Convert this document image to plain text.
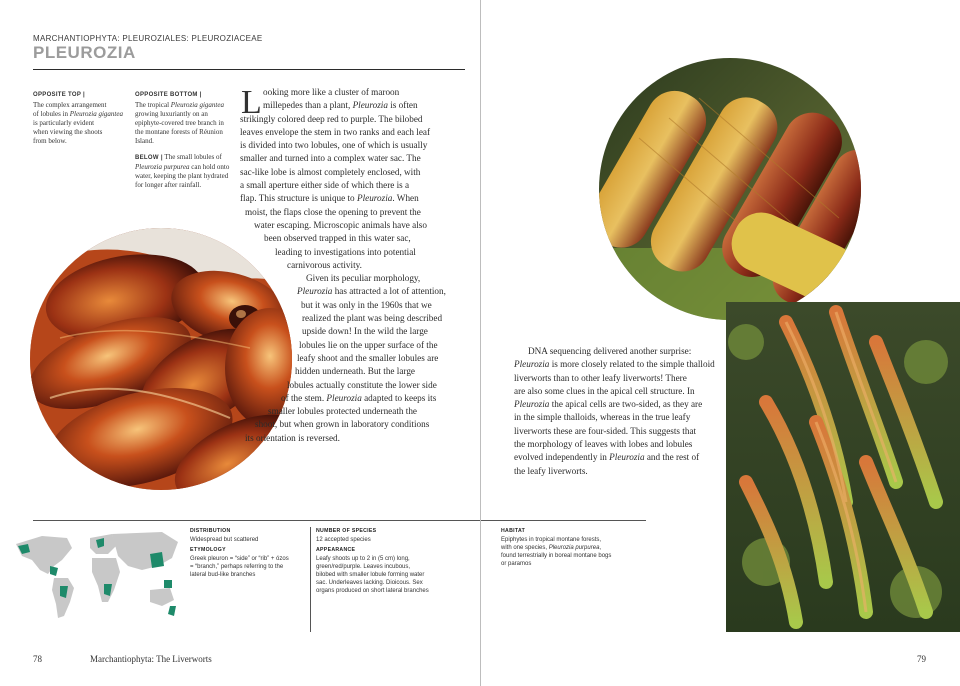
MARCHANTIOPHYTA: PLEUROZIALES: PLEUROZIACEAE
PLEUROZIA
OPPOSITE TOP |
The complex arrangement
of lobules in Pleurozia gigantea
is particularly evident
when viewing the shoots
from below.
OPPOSITE BOTTOM |
The tropical Pleurozia gigantea growing luxuriantly on an epiphyte-covered tree branch in the montane forests of Réunion Island.
BELOW | The small lobules of Pleurozia purpurea can hold onto water, keeping the plant hydrated for longer after rainfall.
L ooking more like a cluster of maroon
millepedes than a plant, Pleurozia is often
strikingly colored deep red to purple. The bilobed
leaves envelope the stem in two ranks and each leaf
is divided into two lobules, one of which is usually
smaller and turned into a complex water sac. The
sac-like lobe is almost completely enclosed, with
a small aperture either side of which there is a
flap. This structure is unique to Pleurozia. When
moist, the flaps close the opening to prevent the
water escaping. Microscopic animals have also
been observed trapped in this water sac,
leading to investigations into potential
carnivorous activity.
Given its peculiar morphology,
Pleurozia has attracted a lot of attention,
but it was only in the 1960s that we
realized the plant was being described
upside down! In the wild the large
lobules lie on the upper surface of the
leafy shoot and the smaller lobules are
hidden underneath. But the large
lobules actually constitute the lower side
of the stem. Pleurozia adapted to keeps its
smaller lobules protected underneath the
shoot, but when grown in laboratory conditions
its orientation is reversed.
DISTRIBUTION
Widespread but scattered
ETYMOLOGY
Greek pleuron = “side” or “rib” + ózos
= “branch,” perhaps referring to the
lateral bud-like branches
NUMBER OF SPECIES
12 accepted species
APPEARANCE
Leafy shoots up to 2 in (5 cm) long,
green/red/purple. Leaves incubous,
bilobed with smaller lobule forming water
sac. Underleaves lacking. Dioicous. Sex
organs produced on short lateral branches
78	Marchantiophyta: The Liverworts
DNA sequencing delivered another surprise:
Pleurozia is more closely related to the simple thalloid
liverworts than to other leafy liverworts! There
are also some clues in the apical cell structure. In
Pleurozia the apical cells are two-sided, as they are
in the simple thalloids, whereas in the true leafy
liverworts these are four-sided. This suggests that
the morphology of leaves with lobes and lobules
evolved independently in Pleurozia and the rest of
the leafy liverworts.
HABITAT
Epiphytes in tropical montane forests,
with one species, Pleurozia purpurea,
found terrestrially in boreal montane bogs
or paramos
79
